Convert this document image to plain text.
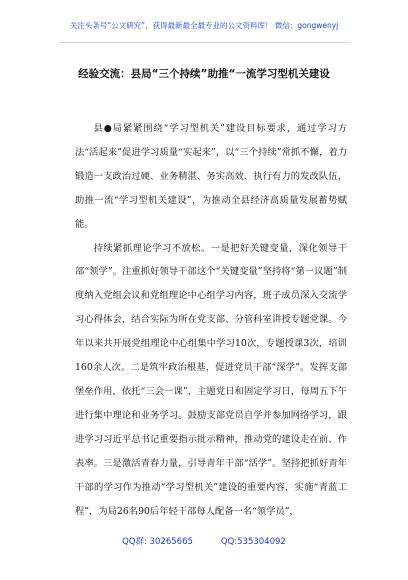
关注头条号“公文研究”，获得最新最全最专业的公文资料库！ 微信：gongwenyj
经验交流：县局“三个持续”助推“一流学习型机关建设

县●局紧紧围绕“学习型机关”建设目标要求，通过学习方法“活起来”促进学习质量“实起来”，以“三个持续”常抓不懈，着力锻造一支政治过硬、业务精湛、务实高效、执行有力的发改队伍，助推一流“学习型机关建设”，为推动全县经济高质量发展蓄势赋能。

持续紧抓理论学习不放松。一是把好关键变量，深化领导干部“领学”。注重抓好领导干部这个“关键变量”坚持将“第一议题”制度纳入党组会议和党组理论中心组学习内容，班子成员深入交流学习心得体会，结合实际为所在党支部、分管科室讲授专题党课。今年以来共开展党组理论中心组集中学习10次，专题授课3次，培训160余人次。二是筑牢政治根基，促进党员干部“深学”。发挥支部堡垒作用，依托“三会一课”，主题党日和固定学习日，每周五下午进行集中理论和业务学习。鼓励支部党员自学并参加网络学习，跟进学习习近平总书记重要指示批示精神，推动党的建设走在前、作表率。三是激活青春力量，引导青年干部“活学”。坚持把抓好青年干部的学习作为推动“学习型机关”建设的重要内容，实施“青蓝工程”，为局26名90后年轻干部每人配备一名“领学员”，

QQ群: 30265665	QQ:535304092
